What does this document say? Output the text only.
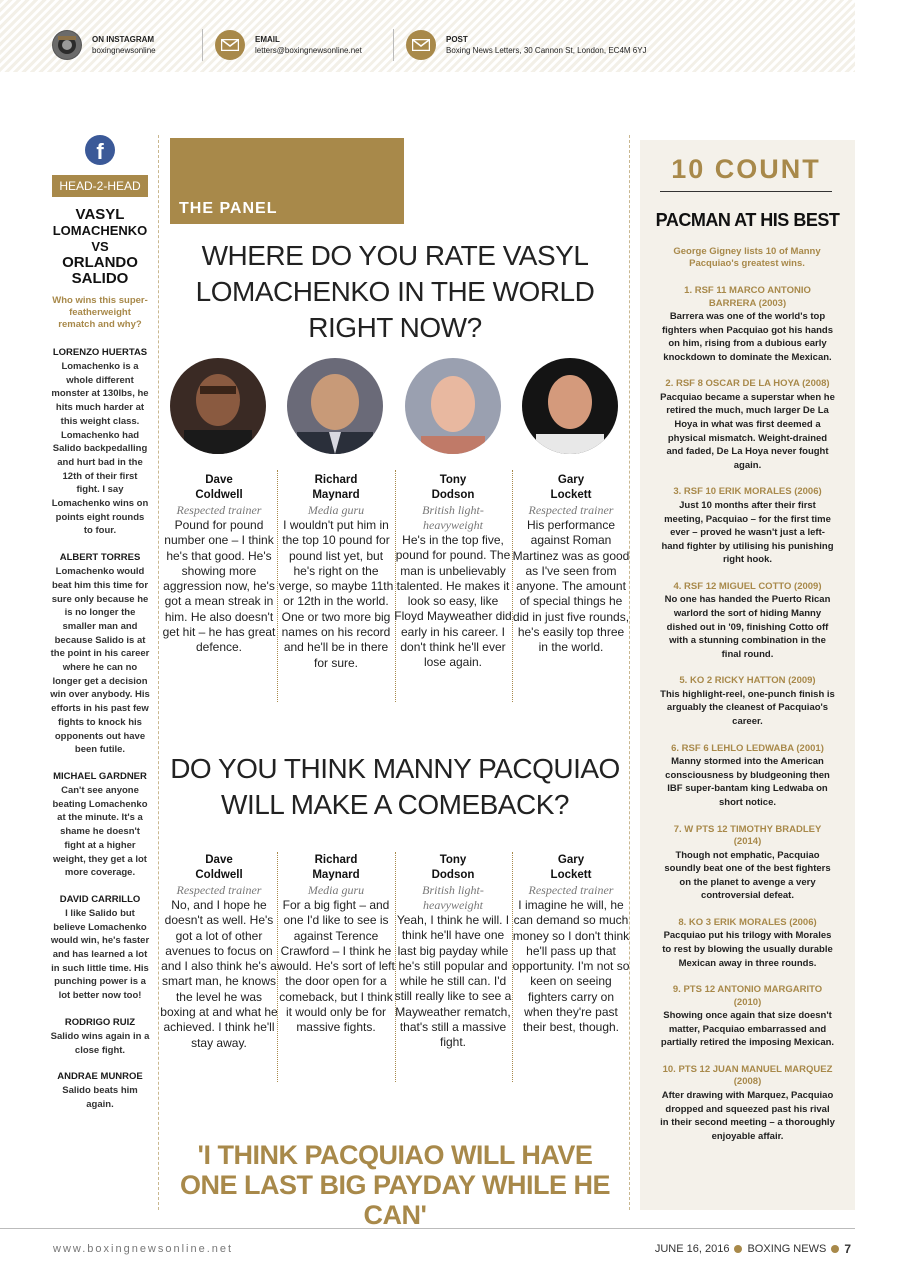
ON INSTAGRAM
boxingnewsonline
EMAIL
letters@boxingnewsonline.net
POST
Boxing News Letters, 30 Cannon St, London, EC4M 6YJ
f
HEAD-2-HEAD
VASYL
LOMACHENKO
VS
ORLANDO
SALIDO
Who wins this super-featherweight rematch and why?
LORENZO HUERTAS
Lomachenko is a whole different monster at 130lbs, he hits much harder at this weight class. Lomachenko had Salido backpedalling and hurt bad in the 12th of their first fight. I say Lomachenko wins on points eight rounds to four.
ALBERT TORRES
Lomachenko would beat him this time for sure only because he is no longer the smaller man and because Salido is at the point in his career where he can no longer get a decision win over anybody. His efforts in his past few fights to knock his opponents out have been futile.
MICHAEL GARDNER
Can't see anyone beating Lomachenko at the minute. It's a shame he doesn't fight at a higher weight, they get a lot more coverage.
DAVID CARRILLO
I like Salido but believe Lomachenko would win, he's faster and has learned a lot in such little time. His punching power is a lot better now too!
RODRIGO RUIZ
Salido wins again in a close fight.
ANDRAE MUNROE
Salido beats him again.
THE PANEL
WHERE DO YOU RATE VASYL LOMACHENKO IN THE WORLD RIGHT NOW?
DO YOU THINK MANNY PACQUIAO WILL MAKE A COMEBACK?
Dave
Coldwell
Respected trainer
Pound for pound number one – I think he's that good. He's showing more aggression now, he's got a mean streak in him. He also doesn't get hit – he has great defence.
Dave
Coldwell
Respected trainer
No, and I hope he doesn't as well. He's got a lot of other avenues to focus on and I also think he's a smart man, he knows the level he was boxing at and what he achieved. I think he'll stay away.
Richard
Maynard
Media guru
I wouldn't put him in the top 10 pound for pound list yet, but he's right on the verge, so maybe 11th or 12th in the world. One or two more big names on his record and he'll be in there for sure.
Richard
Maynard
Media guru
For a big fight – and one I'd like to see is against Terence Crawford – I think he would. He's sort of left the door open for a comeback, but I think it would only be for massive fights.
Tony
Dodson
British light-heavyweight
He's in the top five, pound for pound. The man is unbelievably talented. He makes it look so easy, like Floyd Mayweather did early in his career. I don't think he'll ever lose again.
Tony
Dodson
British light-heavyweight
Yeah, I think he will. I think he'll have one last big payday while he's still popular and while he still can. I'd still really like to see a Mayweather rematch, that's still a massive fight.
Gary
Lockett
Respected trainer
His performance against Roman Martinez was as good as I've seen from anyone. The amount of special things he did in just five rounds, he's easily top three in the world.
Gary
Lockett
Respected trainer
I imagine he will, he can demand so much money so I don't think he'll pass up that opportunity. I'm not so keen on seeing fighters carry on when they're past their best, though.
'I THINK PACQUIAO WILL HAVE ONE LAST BIG PAYDAY WHILE HE CAN'
10 COUNT
PACMAN AT HIS BEST
George Gigney lists 10 of Manny Pacquiao's greatest wins.
1. RSF 11 MARCO ANTONIO BARRERA (2003)
Barrera was one of the world's top fighters when Pacquiao got his hands on him, rising from a dubious early knockdown to dominate the Mexican.
2. RSF 8 OSCAR DE LA HOYA (2008)
Pacquiao became a superstar when he retired the much, much larger De La Hoya in what was first deemed a physical mismatch. Weight-drained and faded, De La Hoya never fought again.
3. RSF 10 ERIK MORALES (2006)
Just 10 months after their first meeting, Pacquiao – for the first time ever – proved he wasn't just a left-hand fighter by utilising his punishing right hook.
4. RSF 12 MIGUEL COTTO (2009)
No one has handed the Puerto Rican warlord the sort of hiding Manny dished out in '09, finishing Cotto off with a stunning combination in the final round.
5. KO 2 RICKY HATTON (2009)
This highlight-reel, one-punch finish is arguably the cleanest of Pacquiao's career.
6. RSF 6 LEHLO LEDWABA (2001)
Manny stormed into the American consciousness by bludgeoning then IBF super-bantam king Ledwaba on short notice.
7. W PTS 12 TIMOTHY BRADLEY (2014)
Though not emphatic, Pacquiao soundly beat one of the best fighters on the planet to avenge a very controversial defeat.
8. KO 3 ERIK MORALES (2006)
Pacquiao put his trilogy with Morales to rest by blowing the usually durable Mexican away in three rounds.
9. PTS 12 ANTONIO MARGARITO (2010)
Showing once again that size doesn't matter, Pacquiao embarrassed and partially retired the imposing Mexican.
10. PTS 12 JUAN MANUEL MARQUEZ (2008)
After drawing with Marquez, Pacquiao dropped and squeezed past his rival in their second meeting – a thoroughly enjoyable affair.
www.boxingnewsonline.net	JUNE 16, 2016 BOXING NEWS 7
